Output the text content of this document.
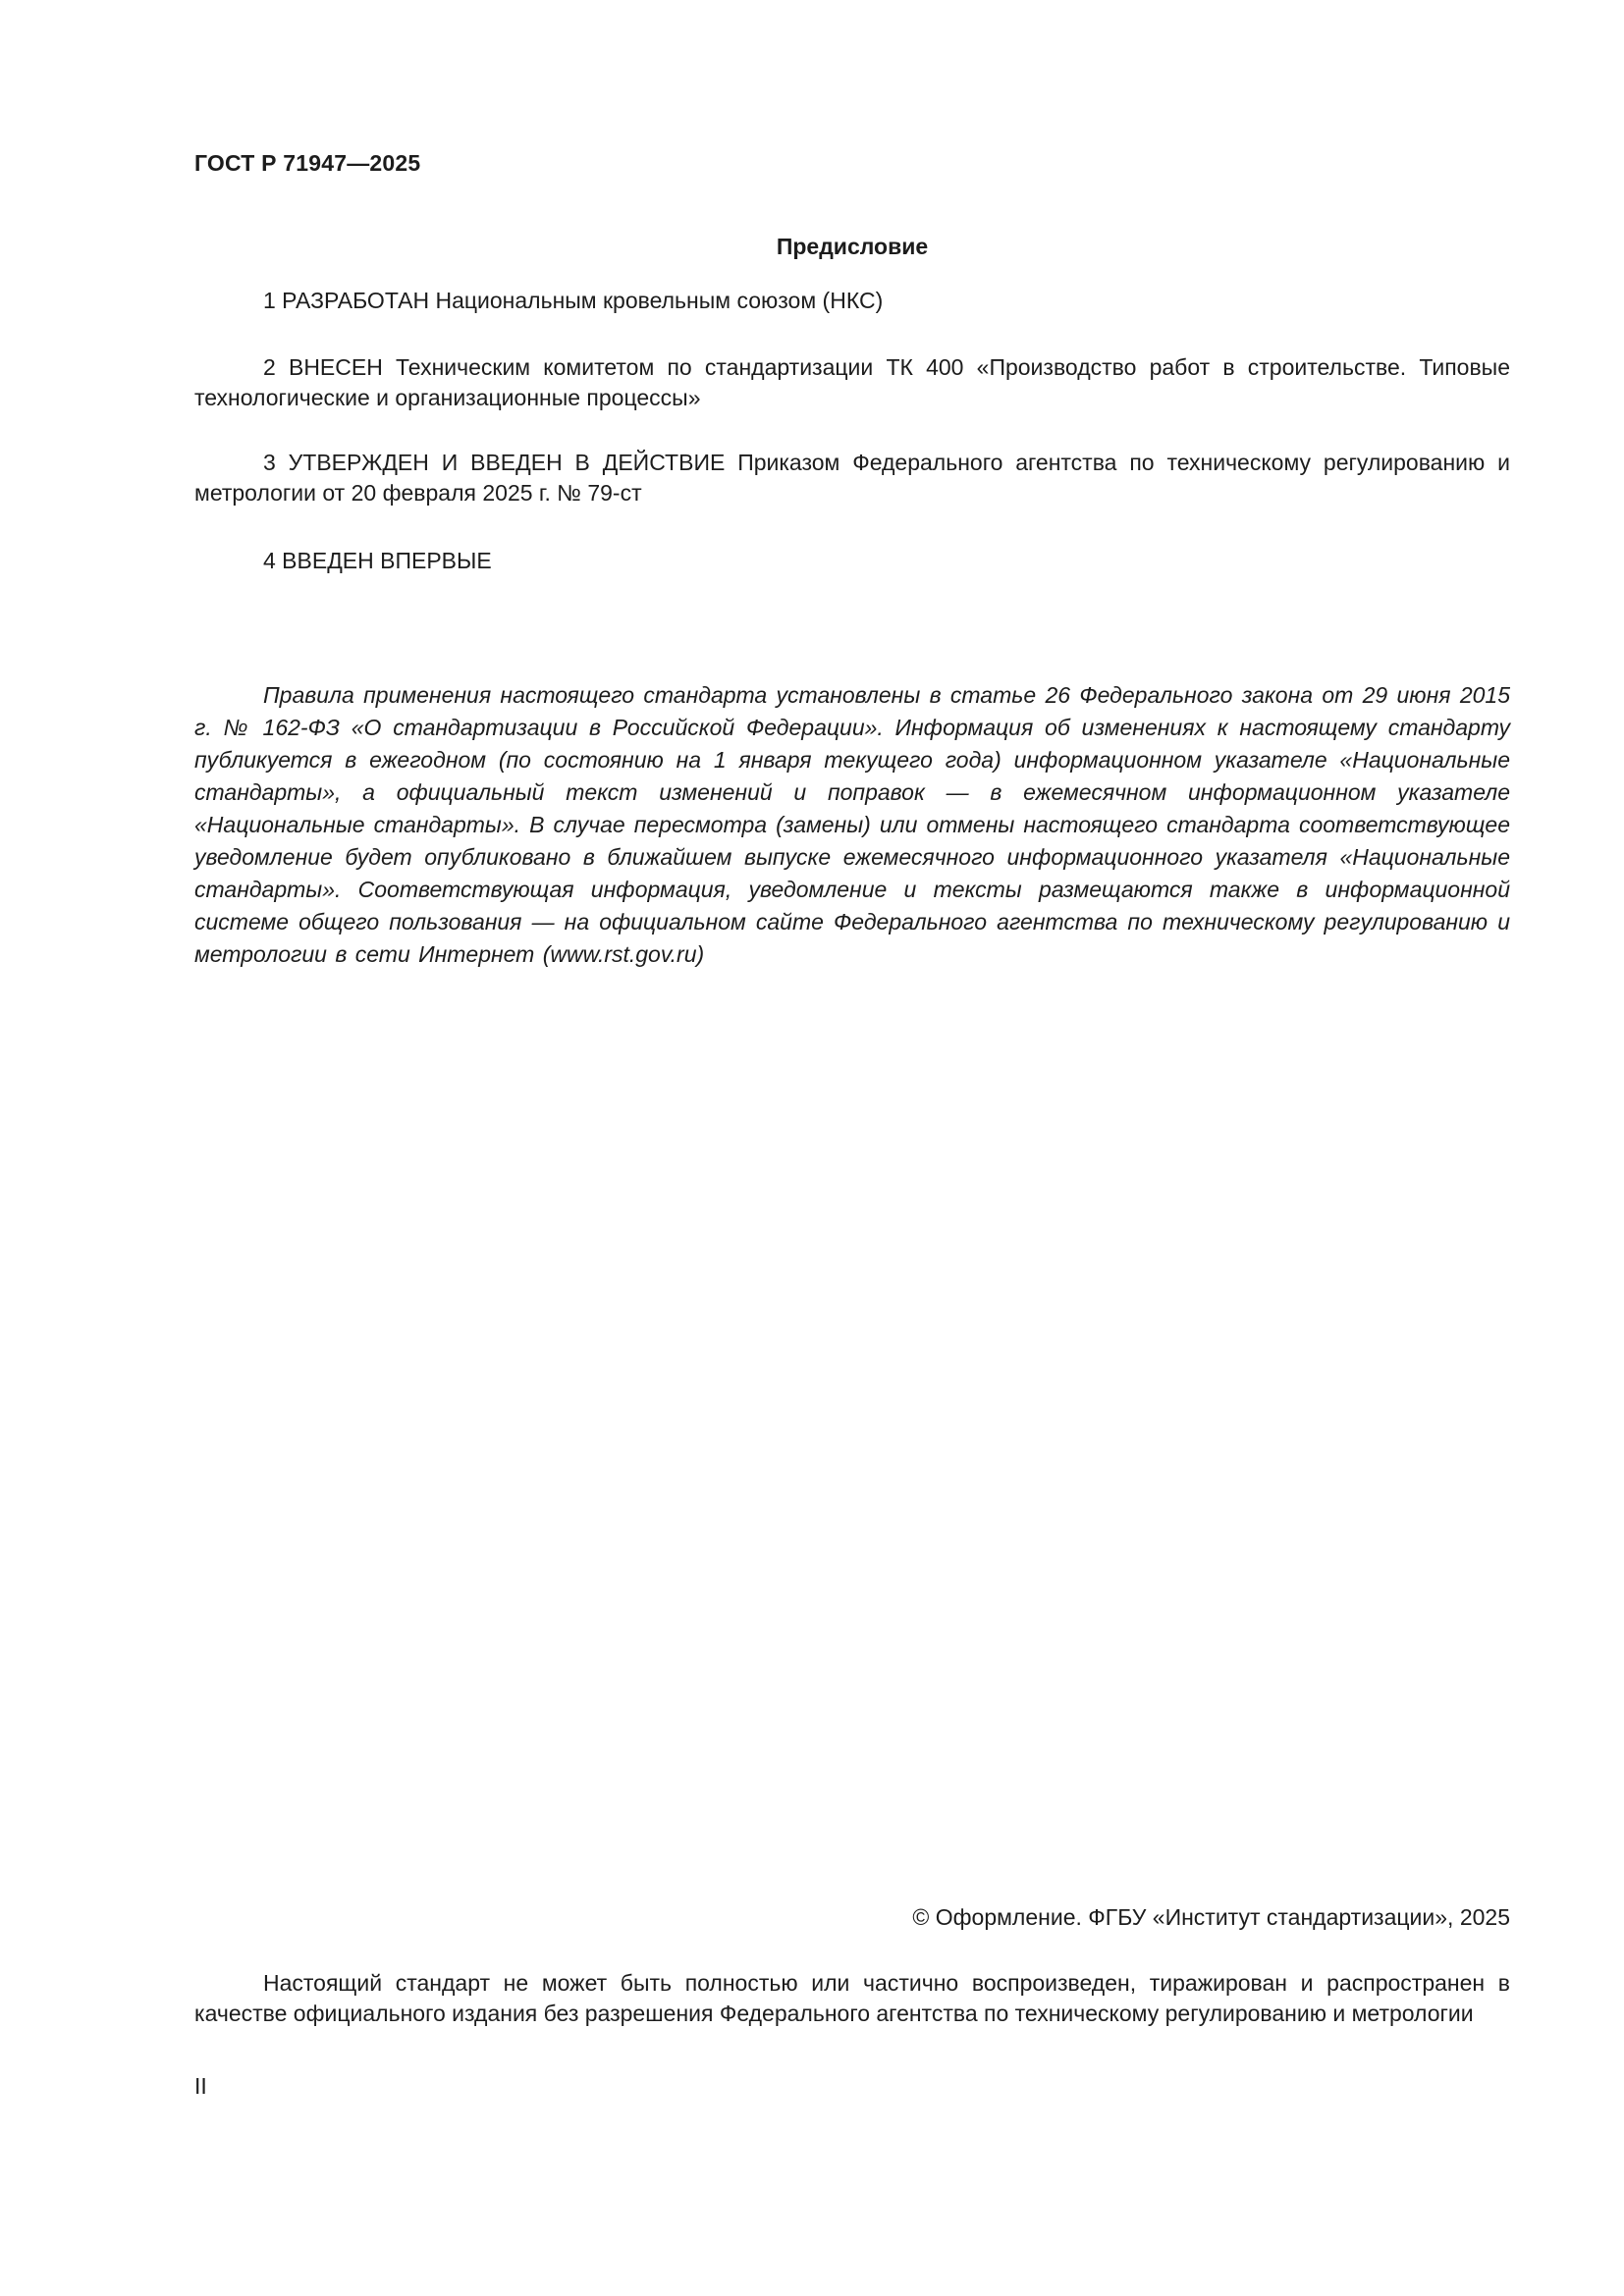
ГОСТ Р 71947—2025
Предисловие

1 РАЗРАБОТАН Национальным кровельным союзом (НКС)

2 ВНЕСЕН Техническим комитетом по стандартизации ТК 400 «Производство работ в строительстве. Типовые технологические и организационные процессы»

3 УТВЕРЖДЕН И ВВЕДЕН В ДЕЙСТВИЕ Приказом Федерального агентства по техническому регулированию и метрологии от 20 февраля 2025 г. № 79-ст

4 ВВЕДЕН ВПЕРВЫЕ

Правила применения настоящего стандарта установлены в статье 26 Федерального закона от 29 июня 2015 г. № 162-ФЗ «О стандартизации в Российской Федерации». Информация об изменениях к настоящему стандарту публикуется в ежегодном (по состоянию на 1 января текущего года) информационном указателе «Национальные стандарты», а официальный текст изменений и поправок — в ежемесячном информационном указателе «Национальные стандарты». В случае пересмотра (замены) или отмены настоящего стандарта соответствующее уведомление будет опубликовано в ближайшем выпуске ежемесячного информационного указателя «Национальные стандарты». Соответствующая информация, уведомление и тексты размещаются также в информационной системе общего пользования — на официальном сайте Федерального агентства по техническому регулированию и метрологии в сети Интернет (www.rst.gov.ru)

© Оформление. ФГБУ «Институт стандартизации», 2025

Настоящий стандарт не может быть полностью или частично воспроизведен, тиражирован и распространен в качестве официального издания без разрешения Федерального агентства по техническому регулированию и метрологии

II
